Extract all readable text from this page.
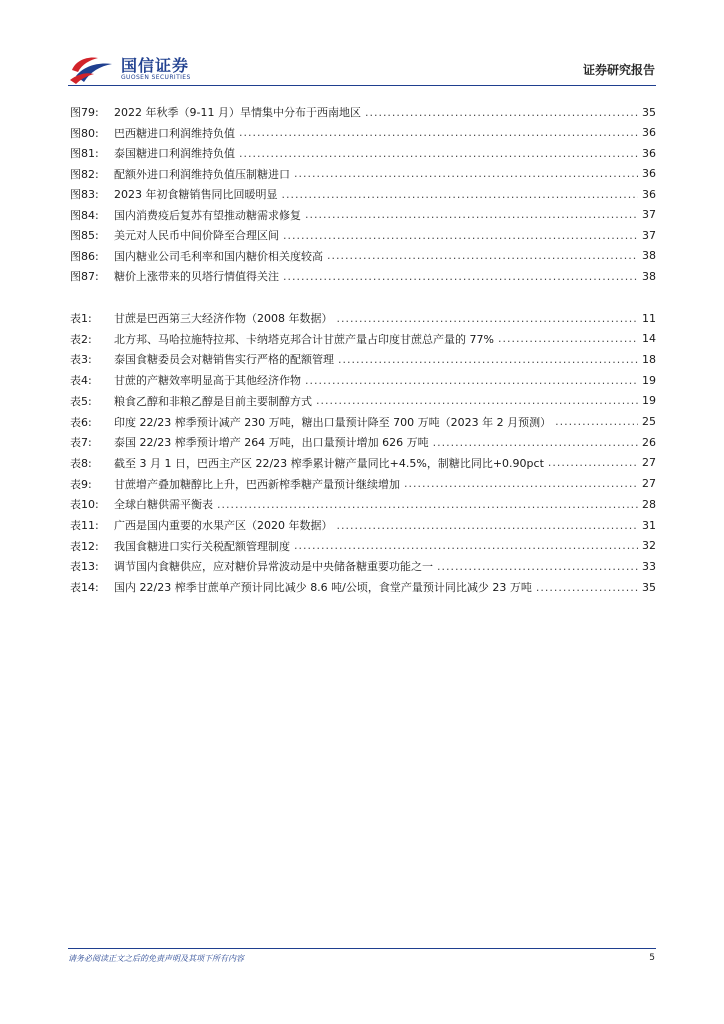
国信证券
GUOSEN SECURITIES
证券研究报告
图79:	2022 年秋季（9-11 月）旱情集中分布于西南地区 .....	35
图80:	巴西糖进口利润维持负值 .....	36
图81:	泰国糖进口利润维持负值 .....	36
图82:	配额外进口利润维持负值压制糖进口 .....	36
图83:	2023 年初食糖销售同比回暖明显 .....	36
图84:	国内消费疫后复苏有望推动糖需求修复 .....	37
图85:	美元对人民币中间价降至合理区间 .....	37
图86:	国内糖业公司毛利率和国内糖价相关度较高 .....	38
图87:	糖价上涨带来的贝塔行情值得关注 .....	38
表1:	甘蔗是巴西第三大经济作物（2008 年数据） .....	11
表2:	北方邦、马哈拉施特拉邦、卡纳塔克邦合计甘蔗产量占印度甘蔗总产量的 77% .....	14
表3:	泰国食糖委员会对糖销售实行严格的配额管理 .....	18
表4:	甘蔗的产糖效率明显高于其他经济作物 .....	19
表5:	粮食乙醇和非粮乙醇是目前主要制醇方式 .....	19
表6:	印度 22/23 榨季预计减产 230 万吨，糖出口量预计降至 700 万吨（2023 年 2 月预测） .....	25
表7:	泰国 22/23 榨季预计增产 264 万吨，出口量预计增加 626 万吨 .....	26
表8:	截至 3 月 1 日，巴西主产区 22/23 榨季累计糖产量同比+4.5%，制糖比同比+0.90pct .....	27
表9:	甘蔗增产叠加糖醇比上升，巴西新榨季糖产量预计继续增加 .....	27
表10:	全球白糖供需平衡表 .....	28
表11:	广西是国内重要的水果产区（2020 年数据） .....	31
表12:	我国食糖进口实行关税配额管理制度 .....	32
表13:	调节国内食糖供应，应对糖价异常波动是中央储备糖重要功能之一 .....	33
表14:	国内 22/23 榨季甘蔗单产预计同比减少 8.6 吨/公顷，食堂产量预计同比减少 23 万吨 .....	35
请务必阅读正文之后的免责声明及其项下所有内容	5
